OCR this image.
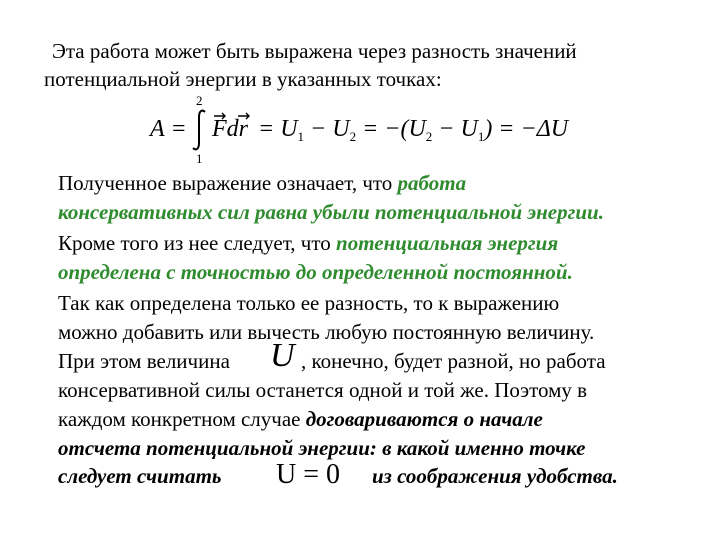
Эта работа может быть выражена через разность значений
потенциальной энергии в указанных точках:
A =
2
1
Fdr = $U_1 - U_2 = -(U_2 - U_1) = -\Delta U$
Полученное выражение означает, что работа
консервативных сил равна убыли потенциальной энергии.
Кроме того из нее следует, что потенциальная энергия
определена с точностью до определенной постоянной.
Так как определена только ее разность, то к выражению
можно добавить или вычесть любую постоянную величину.
При этом величина U , конечно, будет разной, но работа
консервативной силы останется одной и той же. Поэтому в
каждом конкретном случае договариваются о начале
отсчета потенциальной энергии: в какой именно точке
следует считать U = 0 из соображения удобства.
